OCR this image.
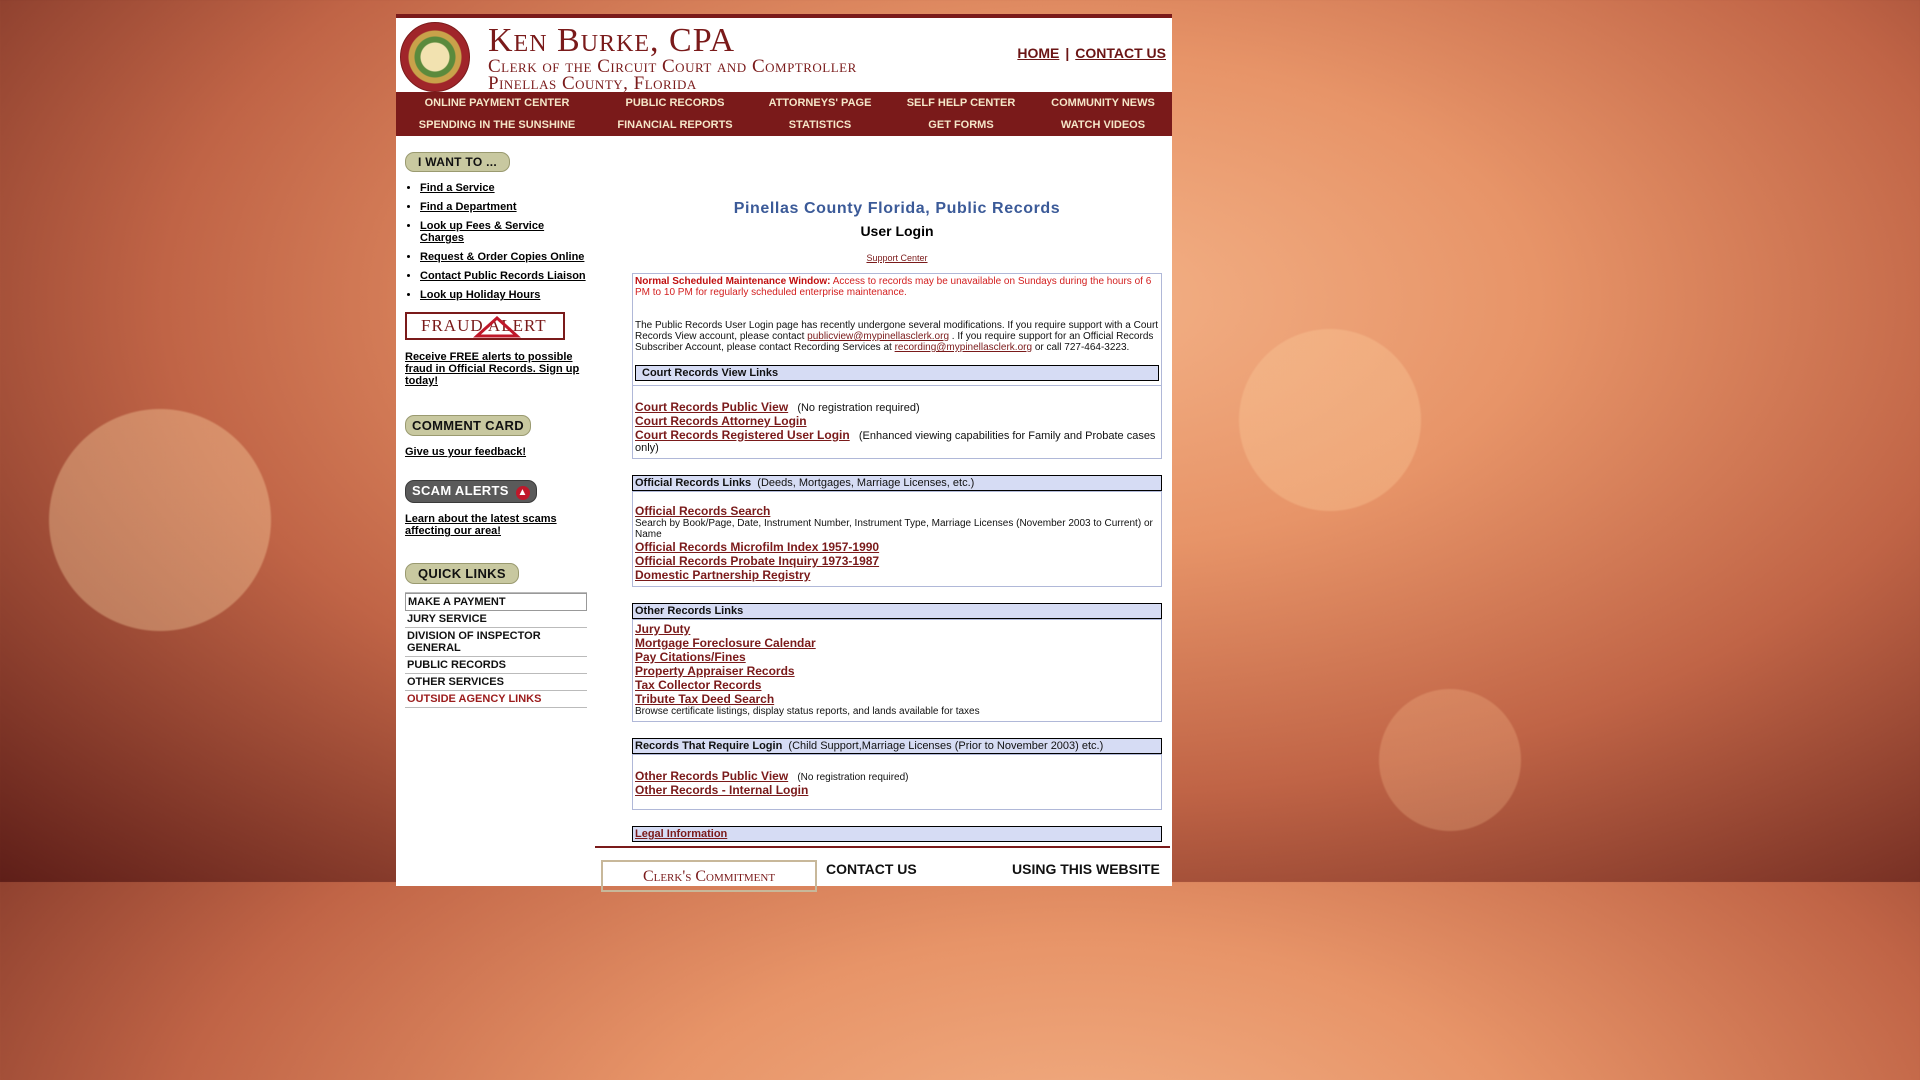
Ken Burke, CPA
Clerk of the Circuit Court and Comptroller
Pinellas County, Florida
HOME | CONTACT US
ONLINE PAYMENT CENTER	PUBLIC RECORDS	ATTORNEYS' PAGE	SELF HELP CENTER	COMMUNITY NEWS
SPENDING IN THE SUNSHINE	FINANCIAL REPORTS	STATISTICS	GET FORMS	WATCH VIDEOS
I WANT TO ...
• Find a Service
• Find a Department
• Look up Fees & Service Charges
• Request & Order Copies Online
• Contact Public Records Liaison
• Look up Holiday Hours
FRAUD ALERT
Receive FREE alerts to possible fraud in Official Records. Sign up today!
COMMENT CARD
Give us your feedback!
SCAM ALERTS ▲
Learn about the latest scams affecting our area!
QUICK LINKS
MAKE A PAYMENT
JURY SERVICE
DIVISION OF INSPECTOR GENERAL
PUBLIC RECORDS
OTHER SERVICES
OUTSIDE AGENCY LINKS
Pinellas County Florida, Public Records
User Login
Support Center
Normal Scheduled Maintenance Window: Access to records may be unavailable on Sundays during the hours of 6 PM to 10 PM for regularly scheduled enterprise maintenance.
The Public Records User Login page has recently undergone several modifications. If you require support with a Court Records View account, please contact publicview@mypinellasclerk.org . If you require support for an Official Records Subscriber Account, please contact Recording Services at recording@mypinellasclerk.org or call 727-464-3223.
Court Records View Links
Court Records Public View (No registration required)
Court Records Attorney Login
Court Records Registered User Login (Enhanced viewing capabilities for Family and Probate cases only)
Official Records Links (Deeds, Mortgages, Marriage Licenses, etc.)
Official Records Search
Search by Book/Page, Date, Instrument Number, Instrument Type, Marriage Licenses (November 2003 to Current) or Name
Official Records Microfilm Index 1957-1990
Official Records Probate Inquiry 1973-1987
Domestic Partnership Registry
Other Records Links
Jury Duty
Mortgage Foreclosure Calendar
Pay Citations/Fines
Property Appraiser Records
Tax Collector Records
Tribute Tax Deed Search
Browse certificate listings, display status reports, and lands available for taxes
Records That Require Login (Child Support,Marriage Licenses (Prior to November 2003) etc.)
Other Records Public View (No registration required)
Other Records - Internal Login
Legal Information
Clerk's Commitment	CONTACT US	USING THIS WEBSITE
